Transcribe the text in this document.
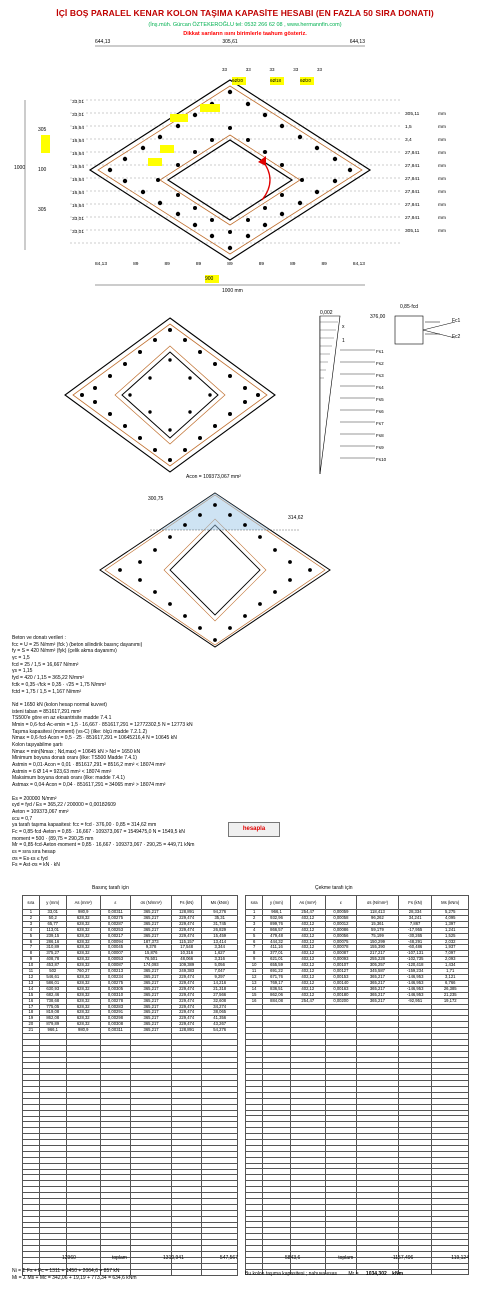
İÇİ BOŞ PARALEL KENAR KOLON TAŞIMA KAPASİTE HESABI (EN FAZLA 50 SIRA DONATI)
(İnş.müh. Gürcan ÖZTEKEROĞLU tel: 0532 266 62 08 , www.hermannfin.com)
Dikkat sarıların ısını birimlerle taahum gösteriz.
644,13	305,61	644,13
33	33	33	33	33
6Ø20	6Ø18	6Ø20
33,01
33,01
16,64
16,64
16,64
16,64
16,64
16,64
16,64
33,01
33,01
305
100
305
1000
305,11
1,5
3,4
27,841
27,841
27,841
27,841
27,841
27,841
305,11
mm
mm
mm
mm
mm
mm
mm
mm
mm
mm
84,13	89	89	89	89	89	89	89	84,13
900
1000 mm
0,002
x
1
376,00
0,85·fcd
Fc1
Fc2
Fs1
Fs2
Fs3
Fs4
Fs5
Fs6
Fs7
Fs8
Fs9
Fs10
Acon = 109373,067 mm²
300,75
314,62
Beton ve donatı verileri :
fcc = U = 25 N/mm² (fck ) (beton silindirik basınç dayanımı)
fy = S = 420 N/mm² (fyk) (çelik akma dayanımı)
γc = 1,5
fcd = 25 / 1,5 = 16,667 N/mm²
γs = 1,15
fyd = 420 / 1,15 = 365,22 N/mm²
fctk = 0,35·√fck = 0,35 · √25 = 1,75 N/mm²
fctd = 1,75 / 1,5 = 1,167 N/mm²
Nd = 1650 kN (kolon hesap normal kuvvet)
isteni taban = 851617,291 mm²
TS500'e göre en az eksantrisite madde 7.4.1
Mmin = 0,6·fcd·Ac·emin = 1,5 · 16,667 · 851617,291 = 12772302,5 N = 12773 kN
Taşıma kapasitesi (moment) (vs-C) (ilke: ölçü madde 7.2.1.2)
Nmax = 0,6·fcd·Acon = 0,5 · 25 · 851617,291 = 10645216,4 N = 10645 kN
Kolon taşıyabilme şartı
Nmax = min(Nmax ; Nd,max) = 10645 kN > Nd = 1650 kN
Minimum boyuna donatı oranı (ilke: TS500 Madde 7.4.1)
Astmin = 0,01·Acon = 0,01 · 851617,291 = 8516,2 mm² < 18074 mm²
Astmin = 6 Ø 14 = 923,63 mm² < 18074 mm²
Maksimum boyuna donatı oranı (ilke: madde 7.4.1)
Astmax = 0,04·Acon = 0,04 · 851617,291 = 34065 mm² > 18074 mm²
Es = 200000 N/mm²
εyd = fyd / Es = 365,22 / 200000 = 0,00182609
Aeton = 109373,067 mm²
εcu = 0,7
ya tarafı taşıma kapasitesi: fcc = fcd · 376,00 · 0,85 = 314,62 mm
Fc = 0,85·fcd·Aeton = 0,85 · 16,667 · 109373,067 = 1549475,0 N = 1549,5 kN
moment = 500 · (89,75 = 290,25 mm
Mr = 0,85·fcd·Aeton·moment = 0,85 · 16,667 · 109373,067 · 290,25 = 449,71 kNm
εs = sıra sıra hesap
σs = Es·εs ≤ fyd
Fs = Ast·σs = kN · kN
hesapla
Basınç tarafı için	Çekme tarafı için
sıra	y (mm)	As (mm²)	ε	σs (N/mm²)	Fs (kN)	Ms (kNm)
1	33,01	980,9	0,00311	365,217	128,891	94,276
2	50,2	628,32	0,00275	365,217	229,474	35,31
3	65,77	628,32	0,00287	365,217	229,474	31,745
4	113,01	628,32	0,00253	365,217	229,474	26,829
5	239,15	628,32	0,00217	365,217	229,474	15,459
6	286,16	628,32	0,00094	187,373	115,157	13,414
7	310,89	628,32	0,00045	9,378	17,548	3,344
8	375,27	628,32	0,00007	15,876	10,316	1,627
9	408,78	628,32	0,00053	76,501	48,066	3,316
10	453,87	628,32	0,00087	174,093	109,389	5,056
11	502	760,27	0,00213	365,217	249,383	7,047
12	546,61	628,32	0,00234	365,217	229,474	9,297
13	586,01	628,32	0,00275	365,217	229,474	14,216
14	630,93	628,32	0,00305	365,217	229,474	21,318
15	682,46	628,32	0,00310	365,217	229,474	27,566
16	738,68	628,32	0,00278	365,217	229,474	32,608
17	775,05	628,32	0,00283	365,217	229,474	34,274
18	819,08	628,32	0,00291	365,217	229,474	38,065
19	862,08	628,32	0,00298	365,217	229,474	41,356
20	879,89	628,32	0,00308	365,217	229,474	43,267
21	966,1	980,9	0,00311	365,217	128,891	54,276

sıra	y (mm)	As (mm²)	ε	σs (N/mm²)	Fs (kN)	Ms (kNm)
1	966,1	254,47	0,00059	118,413	28,334	5,275
2	932,96	402,12	0,00058	96,262	34,241	4,095
3	899,76	402,12	0,00012	15,361	7,867	1,397
4	866,57	402,12	0,00086	59,179	-17,955	1,241
5	479,48	402,12	0,00056	75,199	-30,265	1,525
6	444,32	402,12	0,00075	150,299	-48,291	2,032
7	411,16	402,12	0,00078	155,390	-60,486	1,937
8	377,01	402,12	0,00087	217,217	-107,131	7,097
9	621,01	402,12	0,00093	255,228	-102,735	2,093
10	655,59	402,12	0,00107	305,257	-120,418	1,434
11	691,22	402,12	0,00127	345,587	-159,234	1,71
12	671,76	402,12	0,00153	365,217	-146,953	3,121
13	769,17	402,12	0,00140	365,217	-146,953	6,766
14	836,51	402,12	0,00163	365,217	-146,953	26,385
15	862,06	402,12	0,00180	365,217	-146,953	21,235
16	884,08	254,47	0,00200	365,217	-92,951	19,172

12960	toplam	1310,941	547,567	5843,6	toplam	-1157,496	119,124
Ni = Σ Fs + Fc = 1311 + 1450 + 2064,6 = 857 kN
Mi = Σ Ms + Mc = 342,06 + 19,19 + 773,34 = 634,6 kNm
Bu kolon taşıma kapasitesi ; nahuva esas Mr = 1034,302 kNm
